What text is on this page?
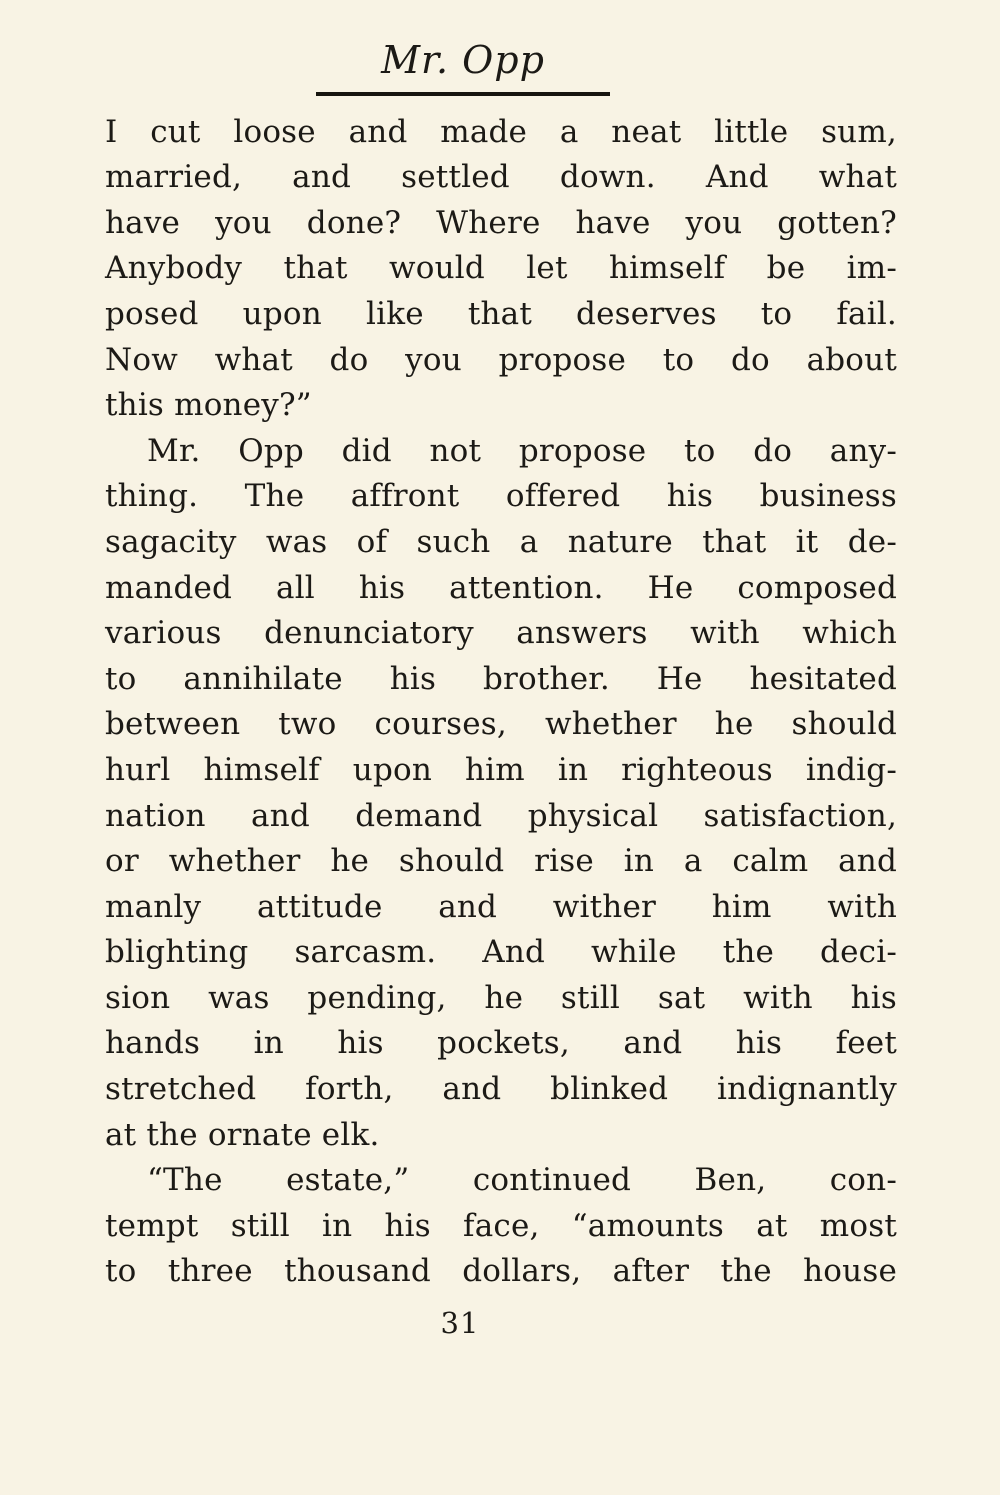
Mr. Opp
I cut loose and made a neat little sum,
married, and settled down. And what
have you done? Where have you gotten?
Anybody that would let himself be im-
posed upon like that deserves to fail.
Now what do you propose to do about
this money?”
Mr. Opp did not propose to do any-
thing. The affront offered his business
sagacity was of such a nature that it de-
manded all his attention. He composed
various denunciatory answers with which
to annihilate his brother. He hesitated
between two courses, whether he should
hurl himself upon him in righteous indig-
nation and demand physical satisfaction,
or whether he should rise in a calm and
manly attitude and wither him with
blighting sarcasm. And while the deci-
sion was pending, he still sat with his
hands in his pockets, and his feet
stretched forth, and blinked indignantly
at the ornate elk.
“The estate,” continued Ben, con-
tempt still in his face, “amounts at most
to three thousand dollars, after the house
31
